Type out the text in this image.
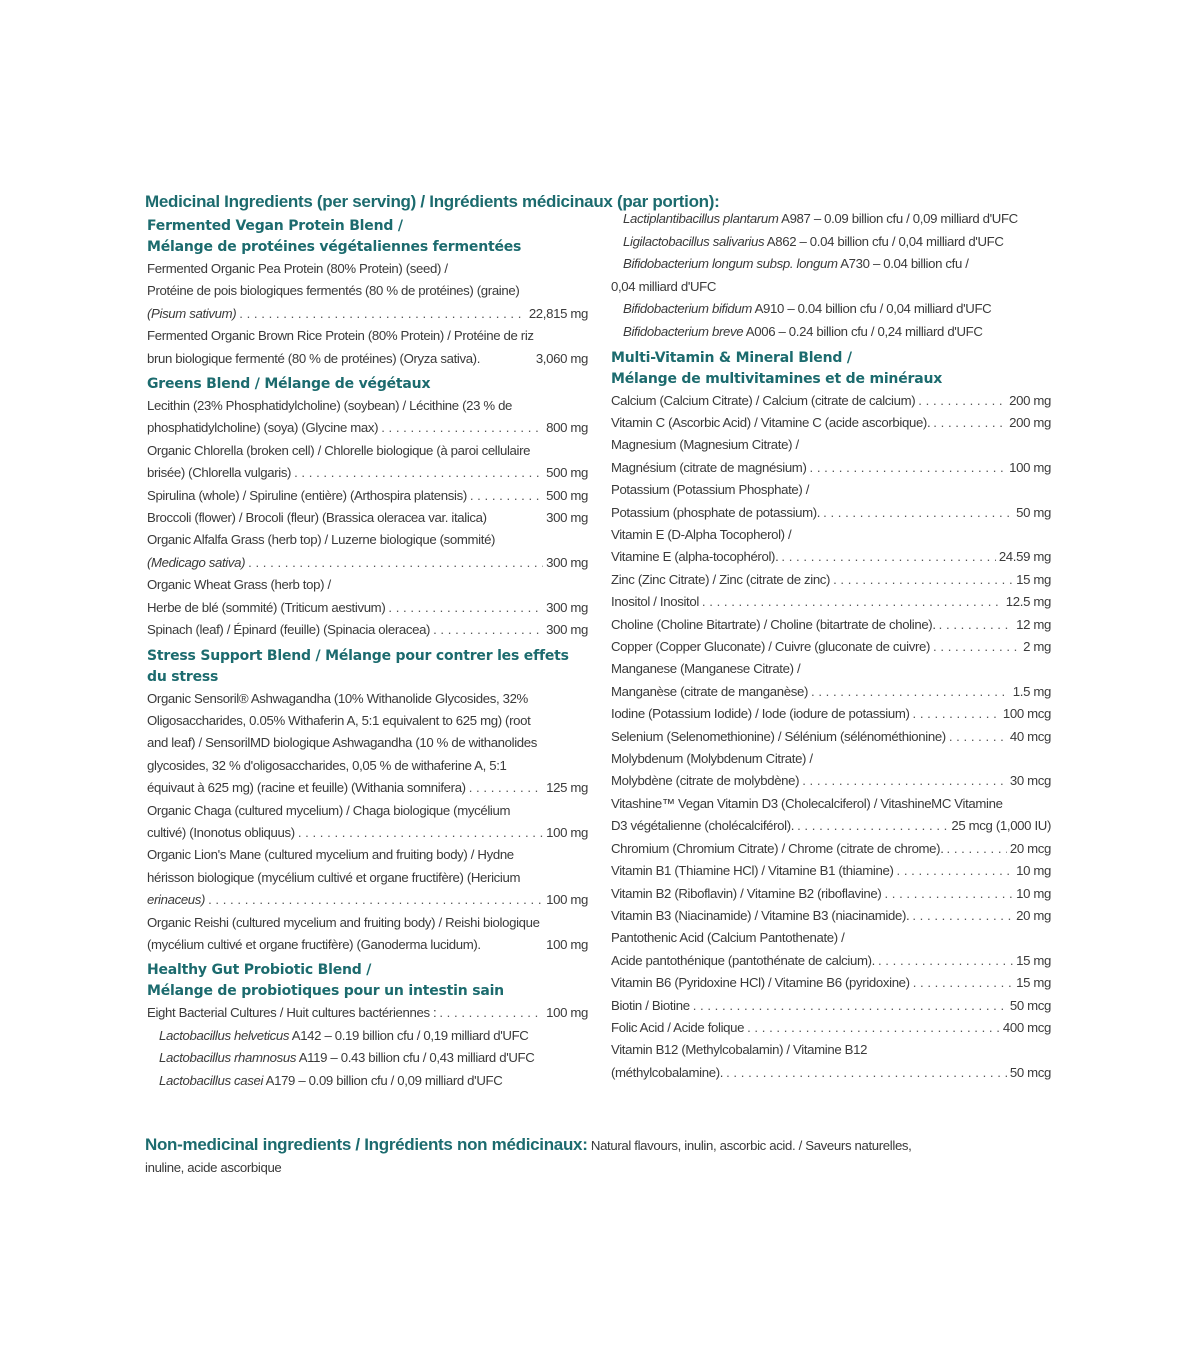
Medicinal Ingredients (per serving) / Ingrédients médicinaux (par portion):
Fermented Vegan Protein Blend /
Mélange de protéines végétaliennes fermentées
Fermented Organic Pea Protein (80% Protein) (seed) /
Protéine de pois biologiques fermentés (80 % de protéines) (graine)
(Pisum sativum) . . .	22,815 mg
Fermented Organic Brown Rice Protein (80% Protein) / Protéine de riz
brun biologique fermenté (80 % de protéines) (Oryza sativa).	3,060 mg
Greens Blend / Mélange de végétaux
Lecithin (23% Phosphatidylcholine) (soybean) / Lécithine (23 % de
phosphatidylcholine) (soya) (Glycine max) . . .	800 mg
Organic Chlorella (broken cell) / Chlorelle biologique (à paroi cellulaire
brisée) (Chlorella vulgaris) . . .	500 mg
Spirulina (whole) / Spiruline (entière) (Arthospira platensis) . . .	500 mg
Broccoli (flower) / Brocoli (fleur) (Brassica oleracea var. italica)	300 mg
Organic Alfalfa Grass (herb top) / Luzerne biologique (sommité)
(Medicago sativa) . . .	300 mg
Organic Wheat Grass (herb top) /
Herbe de blé (sommité) (Triticum aestivum) . . .	300 mg
Spinach (leaf) / Épinard (feuille) (Spinacia oleracea) . . .	300 mg
Stress Support Blend / Mélange pour contrer les effets du stress
Organic Sensoril® Ashwagandha (10% Withanolide Glycosides, 32%
Oligosaccharides, 0.05% Withaferin A, 5:1 equivalent to 625 mg) (root
and leaf) / SensorilMD biologique Ashwagandha (10 % de withanolides
glycosides, 32 % d'oligosaccharides, 0,05 % de withaferine A, 5:1
équivaut à 625 mg) (racine et feuille) (Withania somnifera) . . .	125 mg
Organic Chaga (cultured mycelium) / Chaga biologique (mycélium
cultivé) (Inonotus obliquus) . . .	100 mg
Organic Lion's Mane (cultured mycelium and fruiting body) / Hydne
hérisson biologique (mycélium cultivé et organe fructifère) (Hericium
erinaceus) . . .	100 mg
Organic Reishi (cultured mycelium and fruiting body) / Reishi biologique
(mycélium cultivé et organe fructifère) (Ganoderma lucidum).	100 mg
Healthy Gut Probiotic Blend /
Mélange de probiotiques pour un intestin sain
Eight Bacterial Cultures / Huit cultures bactériennes : . . .	100 mg
Lactobacillus helveticus A142 – 0.19 billion cfu / 0,19 milliard d'UFC
Lactobacillus rhamnosus A119 – 0.43 billion cfu / 0,43 milliard d'UFC
Lactobacillus casei A179 – 0.09 billion cfu / 0,09 milliard d'UFC
Lactiplantibacillus plantarum A987 – 0.09 billion cfu / 0,09 milliard d'UFC
Ligilactobacillus salivarius A862 – 0.04 billion cfu / 0,04 milliard d'UFC
Bifidobacterium longum subsp. longum A730 – 0.04 billion cfu /
0,04 milliard d'UFC
Bifidobacterium bifidum A910 – 0.04 billion cfu / 0,04 milliard d'UFC
Bifidobacterium breve A006 – 0.24 billion cfu / 0,24 milliard d'UFC
Multi-Vitamin & Mineral Blend /
Mélange de multivitamines et de minéraux
Calcium (Calcium Citrate) / Calcium (citrate de calcium) . . .	200 mg
Vitamin C (Ascorbic Acid) / Vitamine C (acide ascorbique). . . .	200 mg
Magnesium (Magnesium Citrate) /
Magnésium (citrate de magnésium) . . .	100 mg
Potassium (Potassium Phosphate) /
Potassium (phosphate de potassium). . . .	50 mg
Vitamin E (D-Alpha Tocopherol) /
Vitamine E (alpha-tocophérol). . . .	24.59 mg
Zinc (Zinc Citrate) / Zinc (citrate de zinc) . . .	15 mg
Inositol / Inositol . . .	12.5 mg
Choline (Choline Bitartrate) / Choline (bitartrate de choline). . . .	12 mg
Copper (Copper Gluconate) / Cuivre (gluconate de cuivre) . . .	2 mg
Manganese (Manganese Citrate) /
Manganèse (citrate de manganèse) . . .	1.5 mg
Iodine (Potassium Iodide) / Iode (iodure de potassium) . . .	100 mcg
Selenium (Selenomethionine) / Sélénium (sélénométhionine) . . .	40 mcg
Molybdenum (Molybdenum Citrate) /
Molybdène (citrate de molybdène) . . .	30 mcg
Vitashine™ Vegan Vitamin D3 (Cholecalciferol) / VitashineMC Vitamine
D3 végétalienne (cholécalciférol). . . .	25 mcg (1,000 IU)
Chromium (Chromium Citrate) / Chrome (citrate de chrome). . . .	20 mcg
Vitamin B1 (Thiamine HCl) / Vitamine B1 (thiamine) . . .	10 mg
Vitamin B2 (Riboflavin) / Vitamine B2 (riboflavine) . . .	10 mg
Vitamin B3 (Niacinamide) / Vitamine B3 (niacinamide). . . .	20 mg
Pantothenic Acid (Calcium Pantothenate) /
Acide pantothénique (pantothénate de calcium). . . .	15 mg
Vitamin B6 (Pyridoxine HCl) / Vitamine B6 (pyridoxine) . . .	15 mg
Biotin / Biotine . . .	50 mcg
Folic Acid / Acide folique . . .	400 mcg
Vitamin B12 (Methylcobalamin) / Vitamine B12
(méthylcobalamine). . . .	50 mcg
Non-medicinal ingredients / Ingrédients non médicinaux: Natural flavours, inulin, ascorbic acid. / Saveurs naturelles,
inuline, acide ascorbique
